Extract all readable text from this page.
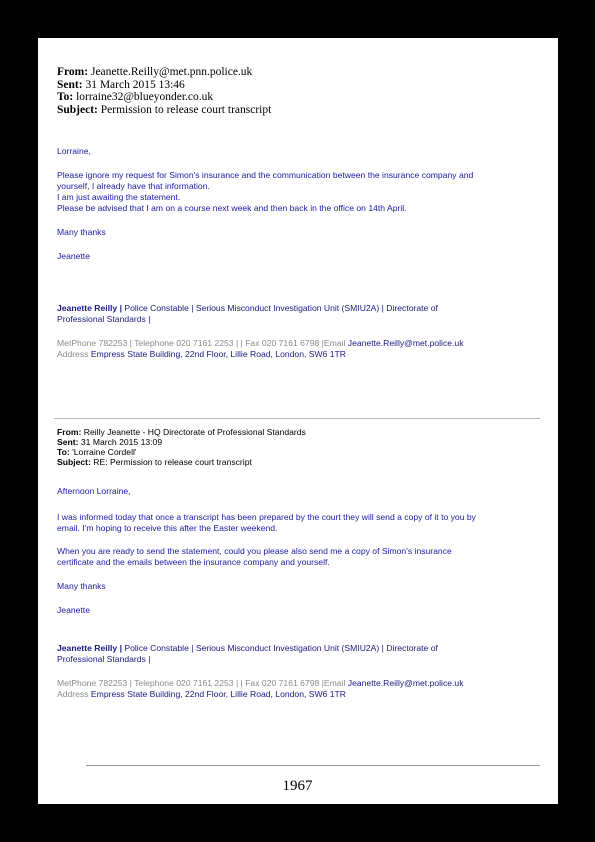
From: Jeanette.Reilly@met.pnn.police.uk
Sent: 31 March 2015 13:46
To: lorraine32@blueyonder.co.uk
Subject: Permission to release court transcript

Lorraine,

Please ignore my request for Simon's insurance and the communication between the insurance company and
yourself, I already have that information.
I am just awaiting the statement.
Please be advised that I am on a course next week and then back in the office on 14th April.

Many thanks

Jeanette

Jeanette Reilly | Police Constable | Serious Misconduct Investigation Unit (SMIU2A) | Directorate of
Professional Standards |
MetPhone 782253 | Telephone 020 7161 2253 | | Fax 020 7161 6798 |Email Jeanette.Reilly@met.police.uk
Address Empress State Building, 22nd Floor, Lillie Road, London, SW6 1TR
From: Reilly Jeanette - HQ Directorate of Professional Standards
Sent: 31 March 2015 13:09
To: 'Lorraine Cordell'
Subject: RE: Permission to release court transcript

Afternoon Lorraine,

I was informed today that once a transcript has been prepared by the court they will send a copy of it to you by
email. I'm hoping to receive this after the Easter weekend.
When you are ready to send the statement, could you please also send me a copy of Simon's insurance
certificate and the emails between the insurance company and yourself.

Many thanks

Jeanette

Jeanette Reilly | Police Constable | Serious Misconduct Investigation Unit (SMIU2A) | Directorate of
Professional Standards |
MetPhone 782253 | Telephone 020 7161 2253 | | Fax 020 7161 6798 |Email Jeanette.Reilly@met.police.uk
Address Empress State Building, 22nd Floor, Lillie Road, London, SW6 1TR
1967
